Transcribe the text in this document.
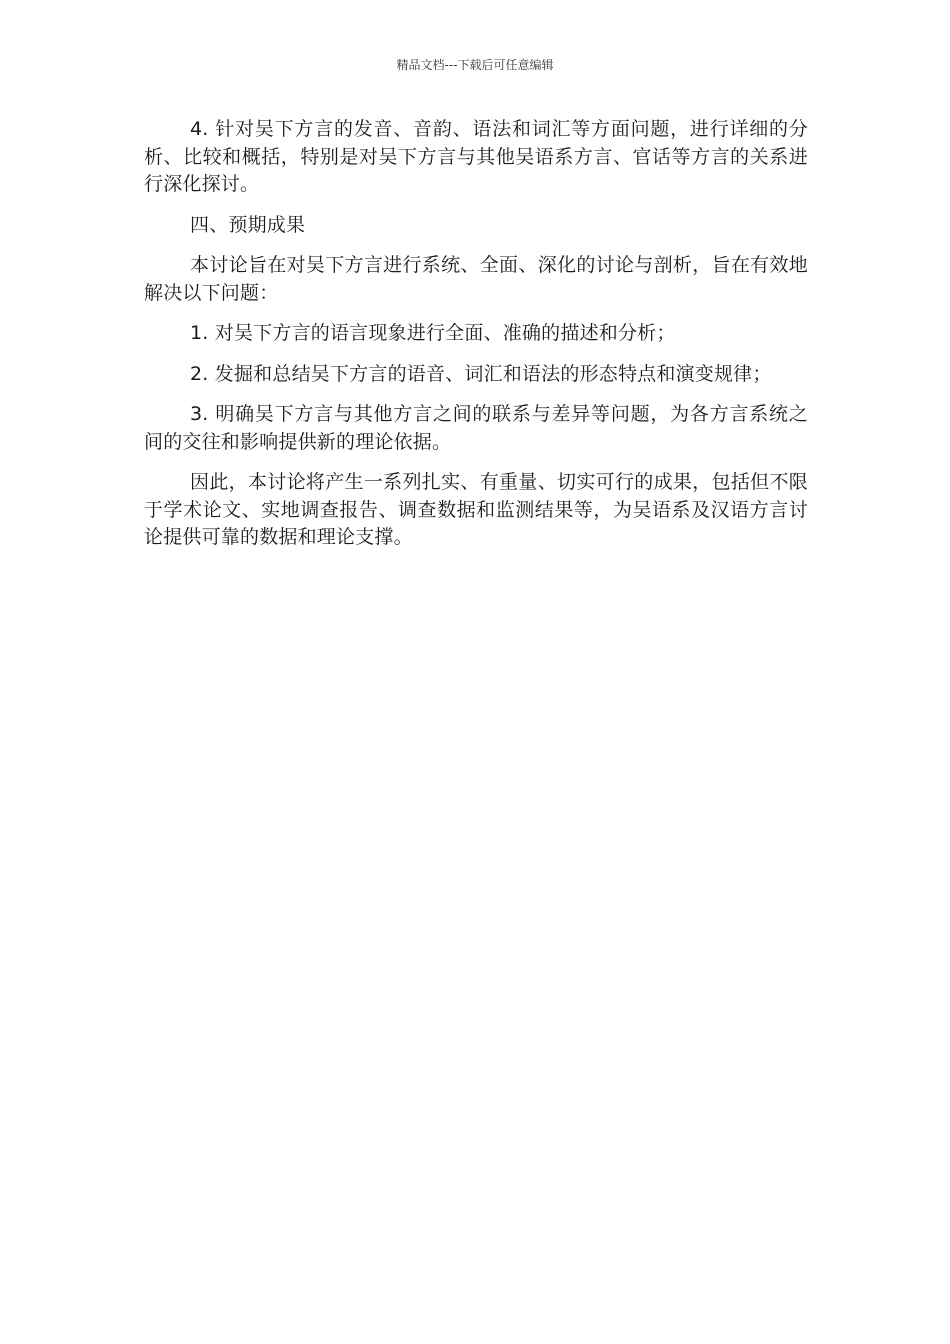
精品文档---下载后可任意编辑

4. 针对吴下方言的发音、音韵、语法和词汇等方面问题，进行详细的分析、比较和概括，特别是对吴下方言与其他吴语系方言、官话等方言的关系进行深化探讨。

四、预期成果

本讨论旨在对吴下方言进行系统、全面、深化的讨论与剖析，旨在有效地解决以下问题：

1. 对吴下方言的语言现象进行全面、准确的描述和分析；

2. 发掘和总结吴下方言的语音、词汇和语法的形态特点和演变规律；

3. 明确吴下方言与其他方言之间的联系与差异等问题，为各方言系统之间的交往和影响提供新的理论依据。

因此，本讨论将产生一系列扎实、有重量、切实可行的成果，包括但不限于学术论文、实地调查报告、调查数据和监测结果等，为吴语系及汉语方言讨论提供可靠的数据和理论支撑。
